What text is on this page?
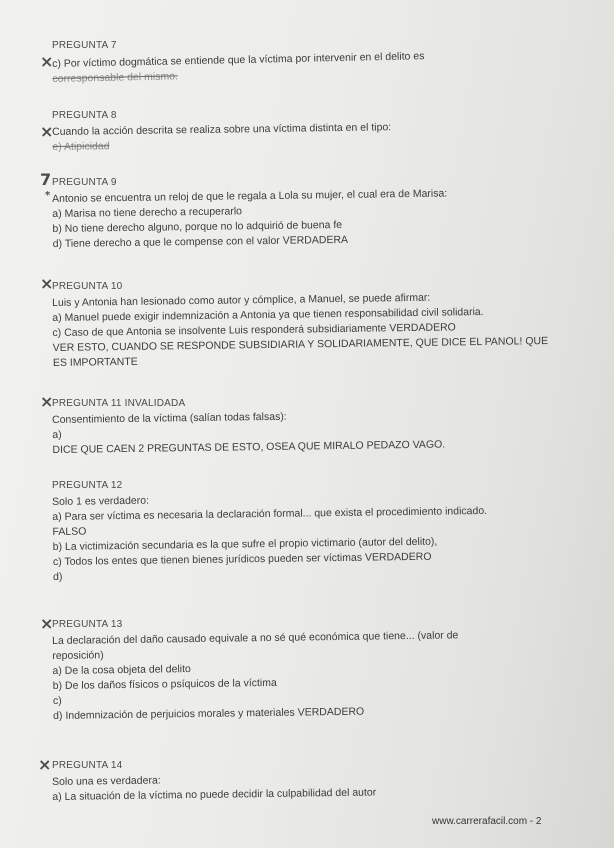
PREGUNTA 7
c) Por víctimo dogmática se entiende que la víctima por intervenir en el delito es
corresponsable del mismo.
×
PREGUNTA 8
Cuando la acción descrita se realiza sobre una víctima distinta en el tipo:
e) Atipicidad
×
PREGUNTA 9
Antonio se encuentra un reloj de que le regala a Lola su mujer, el cual era de Marisa:
a) Marisa no tiene derecho a recuperarlo
b) No tiene derecho alguno, porque no lo adquirió de buena fe
d) Tiene derecho a que le compense con el valor VERDADERA
7
*
PREGUNTA 10
Luis y Antonia han lesionado como autor y cómplice, a Manuel, se puede afirmar:
a) Manuel puede exigir indemnización a Antonia ya que tienen responsabilidad civil solidaria.
c) Caso de que Antonia se insolvente Luis responderá subsidiariamente VERDADERO
VER ESTO, CUANDO SE RESPONDE SUBSIDIARIA Y SOLIDARIAMENTE, QUE DICE EL PANOL! QUE
ES IMPORTANTE
×
PREGUNTA 11 INVALIDADA
Consentimiento de la víctima (salían todas falsas):
a)
DICE QUE CAEN 2 PREGUNTAS DE ESTO, OSEA QUE MIRALO PEDAZO VAGO.
×
PREGUNTA 12
Solo 1 es verdadero:
a) Para ser víctima es necesaria la declaración formal... que exista el procedimiento indicado.
FALSO
b) La victimización secundaria es la que sufre el propio victimario (autor del delito),
c) Todos los entes que tienen bienes jurídicos pueden ser víctimas VERDADERO
d)
PREGUNTA 13
La declaración del daño causado equivale a no sé qué económica que tiene... (valor de
reposición)
a) De la cosa objeta del delito
b) De los daños físicos o psíquicos de la víctima
c)
d) Indemnización de perjuicios morales y materiales VERDADERO
×
PREGUNTA 14
Solo una es verdadera:
a) La situación de la víctima no puede decidir la culpabilidad del autor
×
www.carrerafacil.com - 2
